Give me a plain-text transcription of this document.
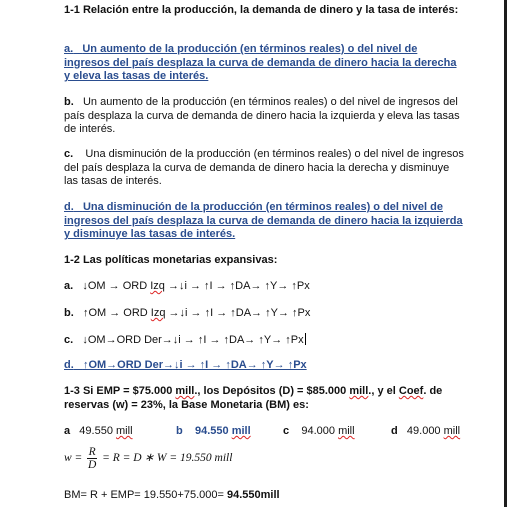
1-1 Relación entre la producción, la demanda de dinero y la tasa de interés:
a. Un aumento de la producción (en términos reales) o del nivel de ingresos del país desplaza la curva de demanda de dinero hacia la derecha y eleva las tasas de interés.
b. Un aumento de la producción (en términos reales) o del nivel de ingresos del país desplaza la curva de demanda de dinero hacia la izquierda y eleva las tasas de interés.
c. Una disminución de la producción (en términos reales) o del nivel de ingresos del país desplaza la curva de demanda de dinero hacia la derecha y disminuye las tasas de interés.
d. Una disminución de la producción (en términos reales) o del nivel de ingresos del país desplaza la curva de demanda de dinero hacia la izquierda y disminuye las tasas de interés.
1-2 Las políticas monetarias expansivas:
a. ↓OM → ORD Izq →↓i → ↑I → ↑DA→ ↑Y→ ↑Px
b. ↑OM → ORD Izq →↓i → ↑I → ↑DA→ ↑Y→ ↑Px
c. ↓OM→ORD Der→↓i → ↑I → ↑DA→ ↑Y→ ↑Px
d. ↑OM→ORD Der→↓i → ↑I → ↑DA→ ↑Y→ ↑Px
1-3 Si EMP = $75.000 mill., los Depósitos (D) = $85.000 mill., y el Coef. de reservas (w) = 23%, la Base Monetaria (BM) es:
a 49.550 mill	b 94.550 mill	c 94.000 mill	d 49.000 mill
$w = \frac{R}{D} = R = D$ ∗ W = 19.550 mill
BM= R + EMP= 19.550+75.000= 94.550mill
